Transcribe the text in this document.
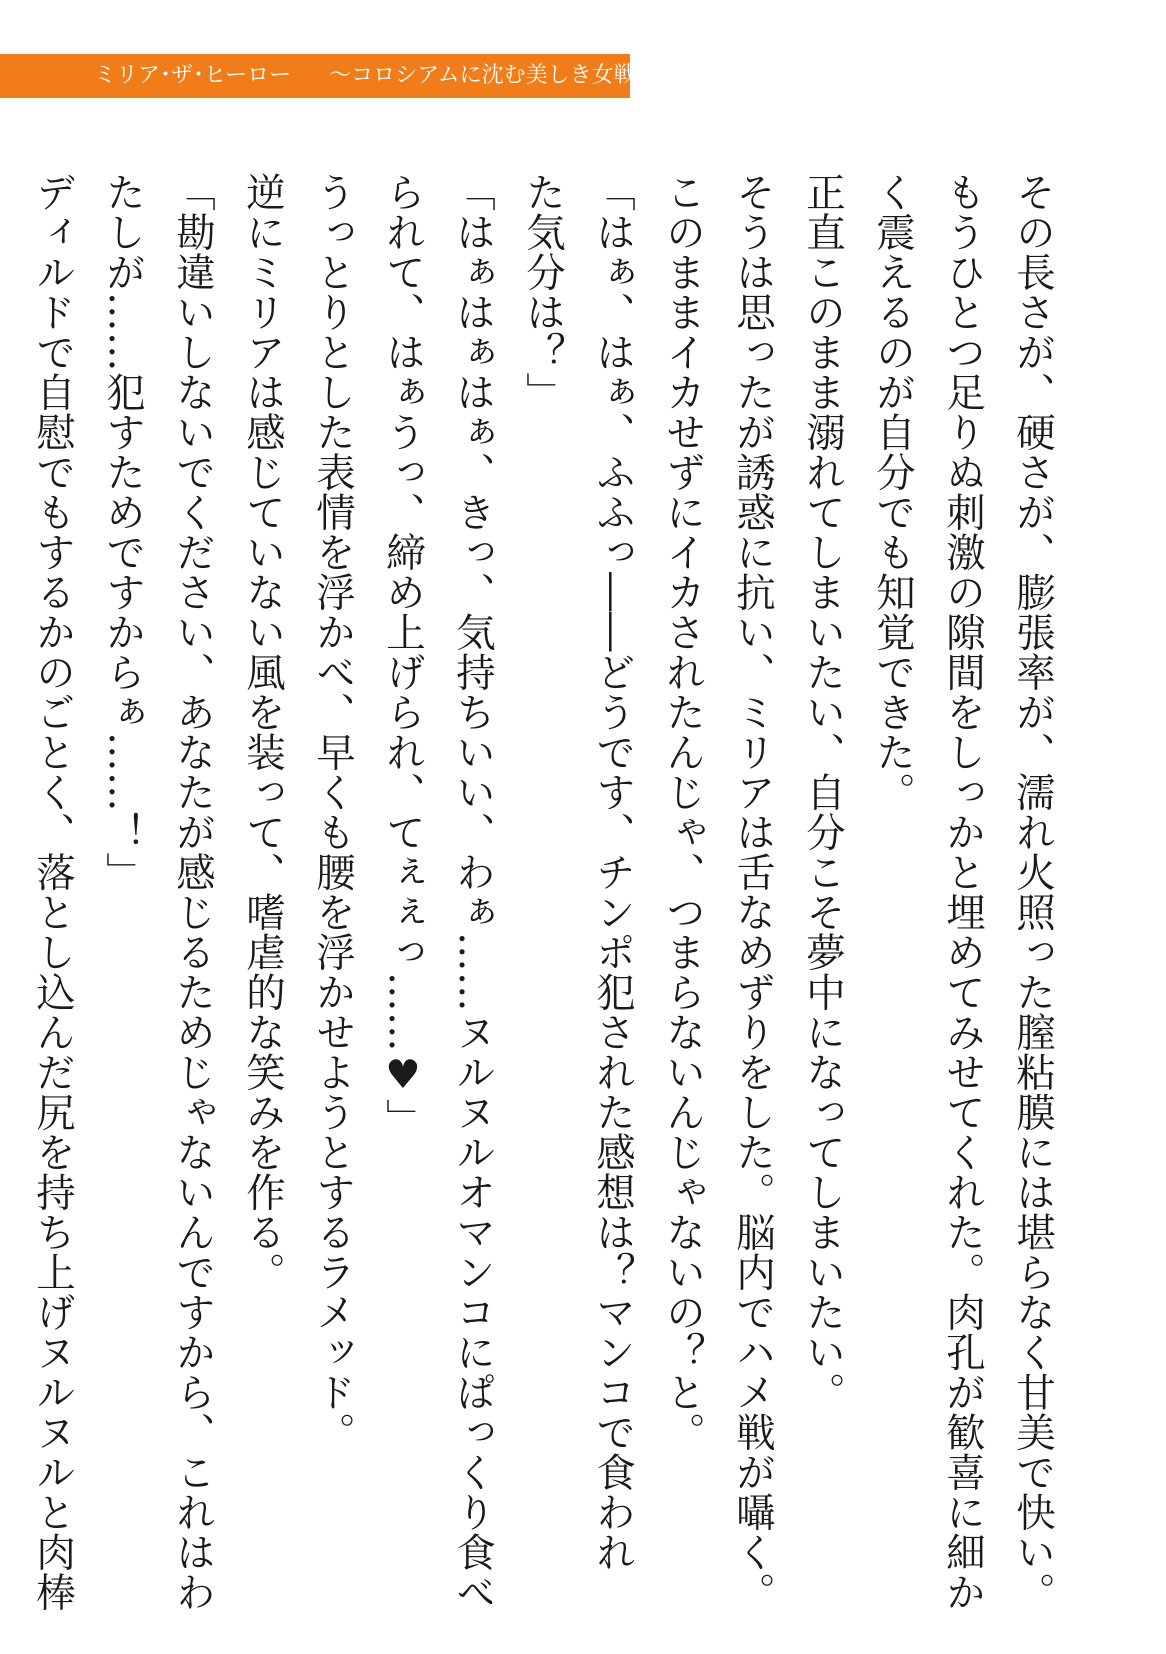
ミリア･ザ･ヒーロー ～コロシアムに沈む美しき女戦士たち～

その長さが、硬さが、膨張率が、濡れ火照った膣粘膜には堪らなく甘美で快い。

もうひとつ足りぬ刺激の隙間をしっかと埋めてみせてくれた。肉孔が歓喜に細か

く震えるのが自分でも知覚できた。

正直このまま溺れてしまいたい、自分こそ夢中になってしまいたい。

そうは思ったが誘惑に抗い、ミリアは舌なめずりをした。脳内でハメ戦が囁く。

このままイカせずにイカされたんじゃ、つまらないんじゃないの？と。

「はぁ、はぁ、ふふっ――どうです、チンポ犯された感想は？マンコで食われ

た気分は？」

「はぁはぁはぁ、きっ、気持ちいい、わぁ……ヌルヌルオマンコにぱっくり食べ

られて、はぁうっ、締め上げられ、てぇぇっ……♥」

うっとりとした表情を浮かべ、早くも腰を浮かせようとするラメッド。

逆にミリアは感じていない風を装って、嗜虐的な笑みを作る。

「勘違いしないでください、あなたが感じるためじゃないんですから、これはわ

たしが……犯すためですからぁ……！」

ディルドで自慰でもするかのごとく、落とし込んだ尻を持ち上げヌルヌルと肉棒
